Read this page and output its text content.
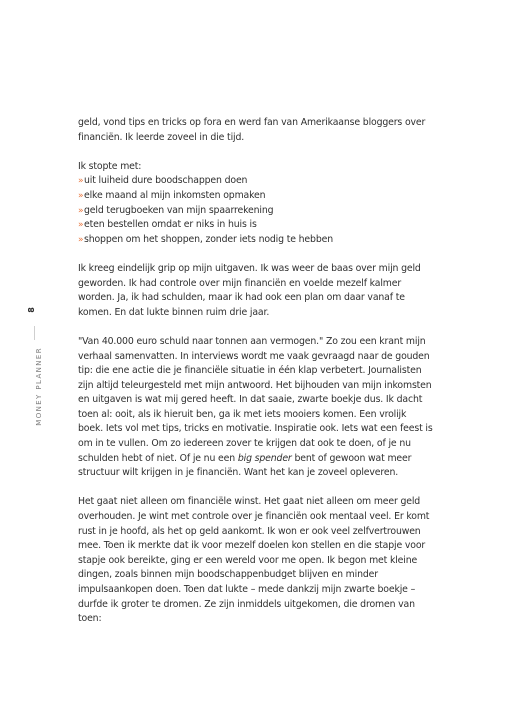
8
MONEY PLANNER

geld, vond tips en tricks op fora en werd fan van Amerikaanse bloggers over financiën. Ik leerde zoveel in die tijd.

Ik stopte met:

» uit luiheid dure boodschappen doen
» elke maand al mijn inkomsten opmaken
» geld terugboeken van mijn spaarrekening
» eten bestellen omdat er niks in huis is
» shoppen om het shoppen, zonder iets nodig te hebben

Ik kreeg eindelijk grip op mijn uitgaven. Ik was weer de baas over mijn geld geworden. Ik had controle over mijn financiën en voelde mezelf kalmer worden. Ja, ik had schulden, maar ik had ook een plan om daar vanaf te komen. En dat lukte binnen ruim drie jaar.

"Van 40.000 euro schuld naar tonnen aan vermogen." Zo zou een krant mijn verhaal samenvatten. In interviews wordt me vaak gevraagd naar de gouden tip: die ene actie die je financiële situatie in één klap verbetert. Journalisten zijn altijd teleurgesteld met mijn antwoord. Het bijhouden van mijn inkomsten en uitgaven is wat mij gered heeft. In dat saaie, zwarte boekje dus. Ik dacht toen al: ooit, als ik hieruit ben, ga ik met iets mooiers komen. Een vrolijk boek. Iets vol met tips, tricks en motivatie. Inspiratie ook. Iets wat een feest is om in te vullen. Om zo iedereen zover te krijgen dat ook te doen, of je nu schulden hebt of niet. Of je nu een big spender bent of gewoon wat meer structuur wilt krijgen in je financiën. Want het kan je zoveel opleveren.

Het gaat niet alleen om financiële winst. Het gaat niet alleen om meer geld overhouden. Je wint met controle over je financiën ook mentaal veel. Er komt rust in je hoofd, als het op geld aankomt. Ik won er ook veel zelfvertrouwen mee. Toen ik merkte dat ik voor mezelf doelen kon stellen en die stapje voor stapje ook bereikte, ging er een wereld voor me open. Ik begon met kleine dingen, zoals binnen mijn boodschappenbudget blijven en minder impulsaankopen doen. Toen dat lukte – mede dankzij mijn zwarte boekje – durfde ik groter te dromen. Ze zijn inmiddels uitgekomen, die dromen van toen:
